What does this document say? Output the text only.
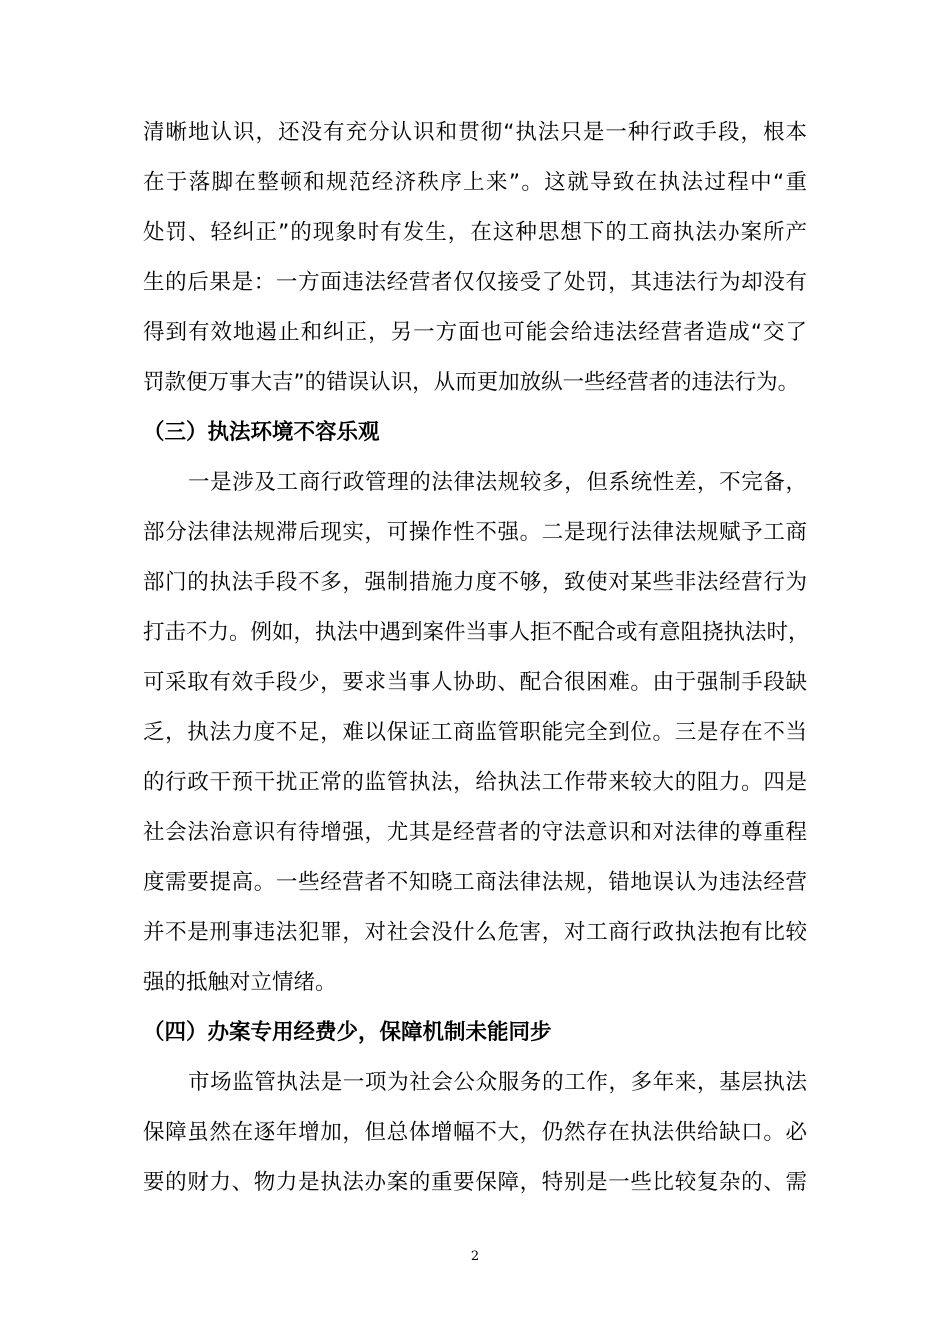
清晰地认识，还没有充分认识和贯彻“执法只是一种行政手段，根本
在于落脚在整顿和规范经济秩序上来”。这就导致在执法过程中“重
处罚、轻纠正”的现象时有发生，在这种思想下的工商执法办案所产
生的后果是：一方面违法经营者仅仅接受了处罚，其违法行为却没有
得到有效地遏止和纠正，另一方面也可能会给违法经营者造成“交了
罚款便万事大吉”的错误认识，从而更加放纵一些经营者的违法行为。
（三）执法环境不容乐观
一是涉及工商行政管理的法律法规较多，但系统性差，不完备，
部分法律法规滞后现实，可操作性不强。二是现行法律法规赋予工商
部门的执法手段不多，强制措施力度不够，致使对某些非法经营行为
打击不力。例如，执法中遇到案件当事人拒不配合或有意阻挠执法时，
可采取有效手段少，要求当事人协助、配合很困难。由于强制手段缺
乏，执法力度不足，难以保证工商监管职能完全到位。三是存在不当
的行政干预干扰正常的监管执法，给执法工作带来较大的阻力。四是
社会法治意识有待增强，尤其是经营者的守法意识和对法律的尊重程
度需要提高。一些经营者不知晓工商法律法规，错地误认为违法经营
并不是刑事违法犯罪，对社会没什么危害，对工商行政执法抱有比较
强的抵触对立情绪。
（四）办案专用经费少，保障机制未能同步
市场监管执法是一项为社会公众服务的工作，多年来，基层执法
保障虽然在逐年增加，但总体增幅不大，仍然存在执法供给缺口。必
要的财力、物力是执法办案的重要保障，特别是一些比较复杂的、需
2
